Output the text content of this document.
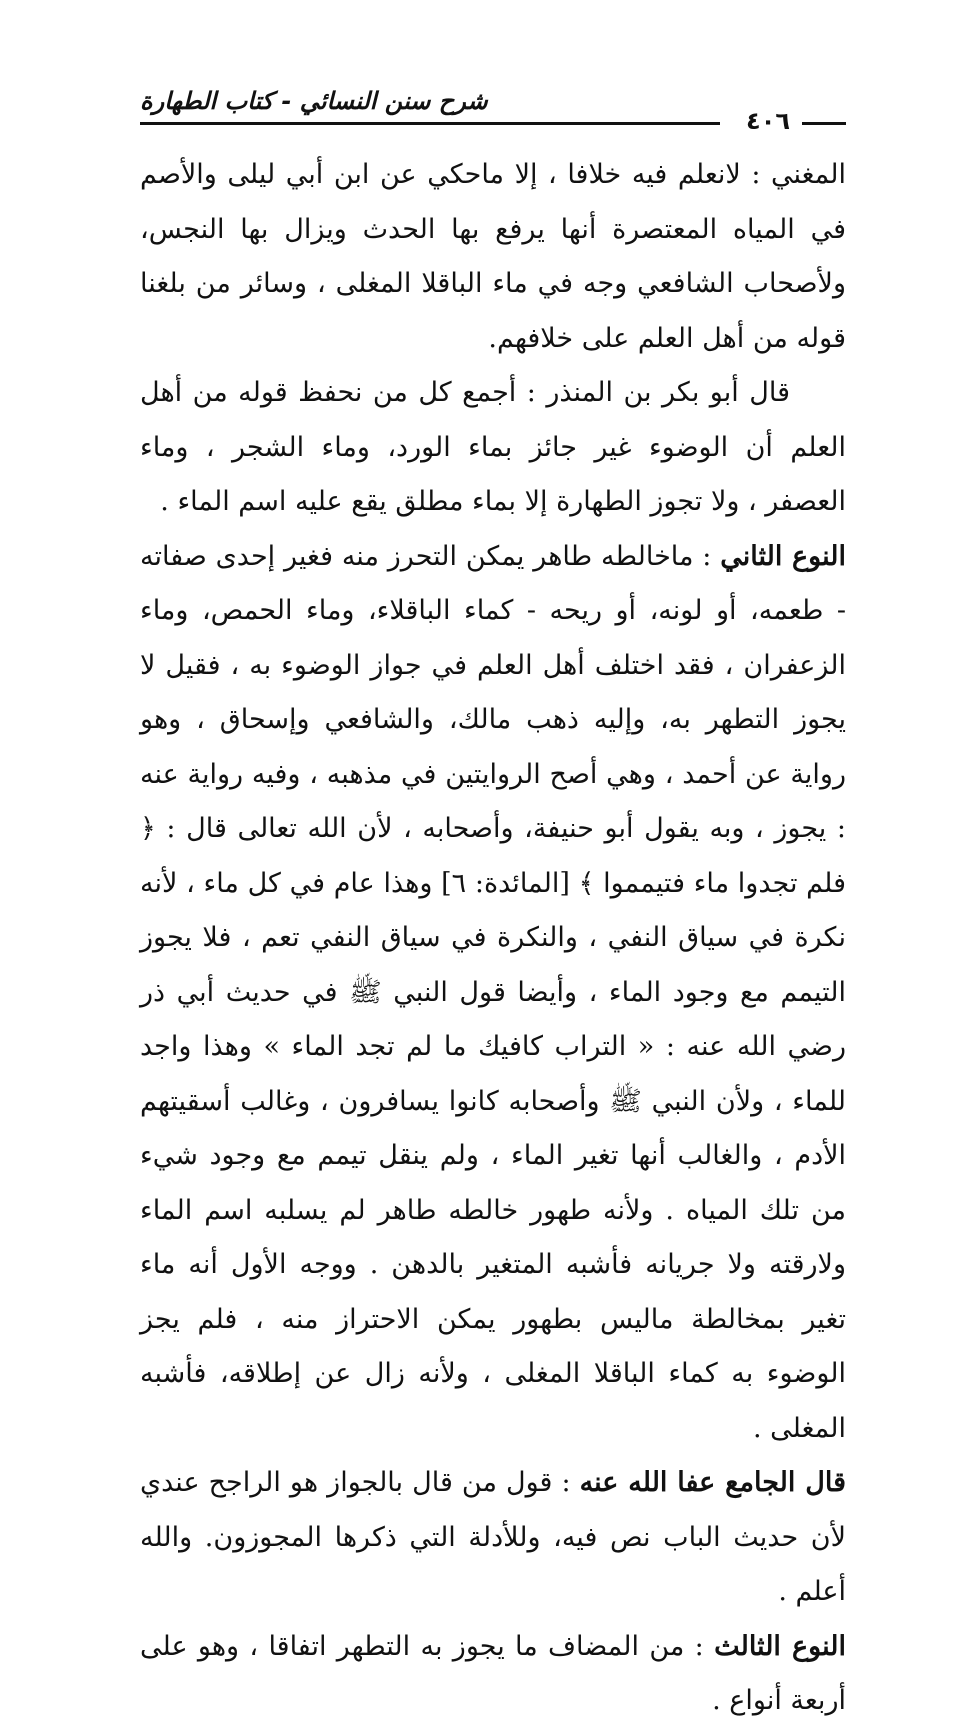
شرح سنن النسائي - كتاب الطهارة
٤٠٦

المغني : لانعلم فيه خلافا ، إلا ماحكي عن ابن أبي ليلى والأصم في المياه المعتصرة أنها يرفع بها الحدث ويزال بها النجس، ولأصحاب الشافعي وجه في ماء الباقلا المغلى ، وسائر من بلغنا قوله من أهل العلم على خلافهم.

قال أبو بكر بن المنذر : أجمع كل من نحفظ قوله من أهل العلم أن الوضوء غير جائز بماء الورد، وماء الشجر ، وماء العصفر ، ولا تجوز الطهارة إلا بماء مطلق يقع عليه اسم الماء .

النوع الثاني : ماخالطه طاهر يمكن التحرز منه فغير إحدى صفاته - طعمه، أو لونه، أو ريحه - كماء الباقلاء، وماء الحمص، وماء الزعفران ، فقد اختلف أهل العلم في جواز الوضوء به ، فقيل لا يجوز التطهر به، وإليه ذهب مالك، والشافعي وإسحاق ، وهو رواية عن أحمد ، وهي أصح الروايتين في مذهبه ، وفيه رواية عنه : يجوز ، وبه يقول أبو حنيفة، وأصحابه ، لأن الله تعالى قال : ﴿ فلم تجدوا ماء فتيمموا ﴾ [المائدة: ٦] وهذا عام في كل ماء ، لأنه نكرة في سياق النفي ، والنكرة في سياق النفي تعم ، فلا يجوز التيمم مع وجود الماء ، وأيضا قول النبي ﷺ في حديث أبي ذر رضي الله عنه : « التراب كافيك ما لم تجد الماء » وهذا واجد للماء ، ولأن النبي ﷺ وأصحابه كانوا يسافرون ، وغالب أسقيتهم الأدم ، والغالب أنها تغير الماء ، ولم ينقل تيمم مع وجود شيء من تلك المياه . ولأنه طهور خالطه طاهر لم يسلبه اسم الماء ولارقته ولا جريانه فأشبه المتغير بالدهن . ووجه الأول أنه ماء تغير بمخالطة ماليس بطهور يمكن الاحتراز منه ، فلم يجز الوضوء به كماء الباقلا المغلى ، ولأنه زال عن إطلاقه، فأشبه المغلى .

قال الجامع عفا الله عنه : قول من قال بالجواز هو الراجح عندي لأن حديث الباب نص فيه، وللأدلة التي ذكرها المجوزون. والله أعلم .

النوع الثالث : من المضاف ما يجوز به التطهر اتفاقا ، وهو على أربعة أنواع .
